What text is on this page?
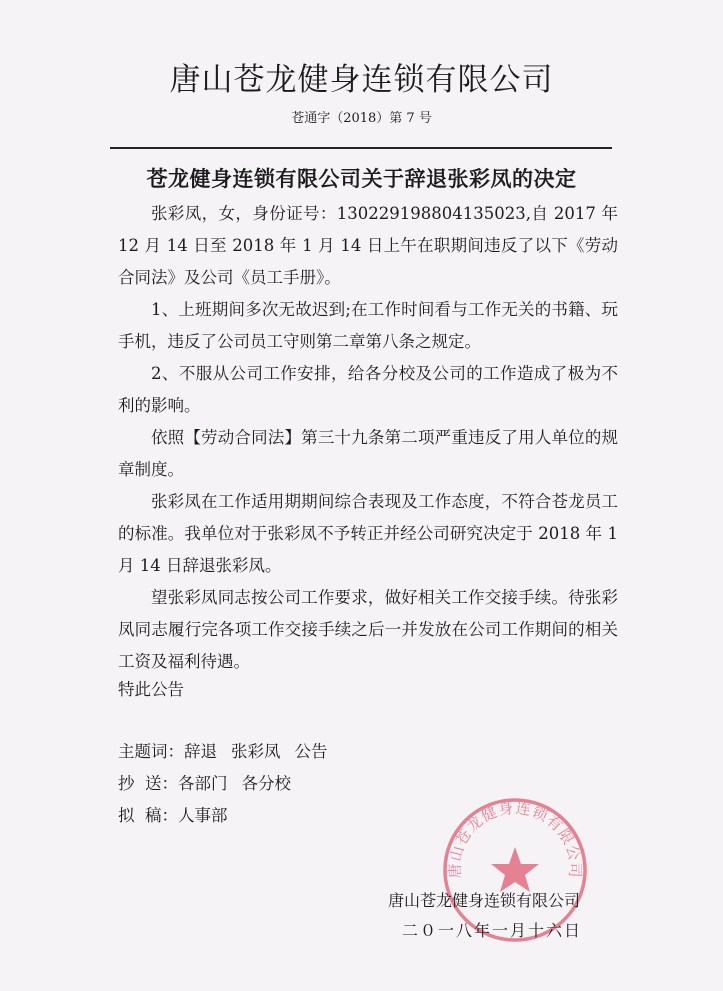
唐山苍龙健身连锁有限公司
苍通字（2018）第 7 号
苍龙健身连锁有限公司关于辞退张彩凤的决定

张彩凤，女，身份证号：130229198804135023,自 2017 年 12 月 14 日至 2018 年 1 月 14 日上午在职期间违反了以下《劳动合同法》及公司《员工手册》。

1、上班期间多次无故迟到;在工作时间看与工作无关的书籍、玩手机，违反了公司员工守则第二章第八条之规定。

2、不服从公司工作安排，给各分校及公司的工作造成了极为不利的影响。

依照【劳动合同法】第三十九条第二项严重违反了用人单位的规章制度。

张彩凤在工作适用期期间综合表现及工作态度，不符合苍龙员工的标准。我单位对于张彩凤不予转正并经公司研究决定于 2018 年 1 月 14 日辞退张彩凤。

望张彩凤同志按公司工作要求，做好相关工作交接手续。待张彩凤同志履行完各项工作交接手续之后一并发放在公司工作期间的相关工资及福利待遇。

特此公告
主题词：辞退 张彩凤 公告
抄  送：各部门 各分校
拟  稿：人事部
唐山苍龙健身连锁有限公司
唐山苍龙健身连锁有限公司
二０一八年一月十六日
